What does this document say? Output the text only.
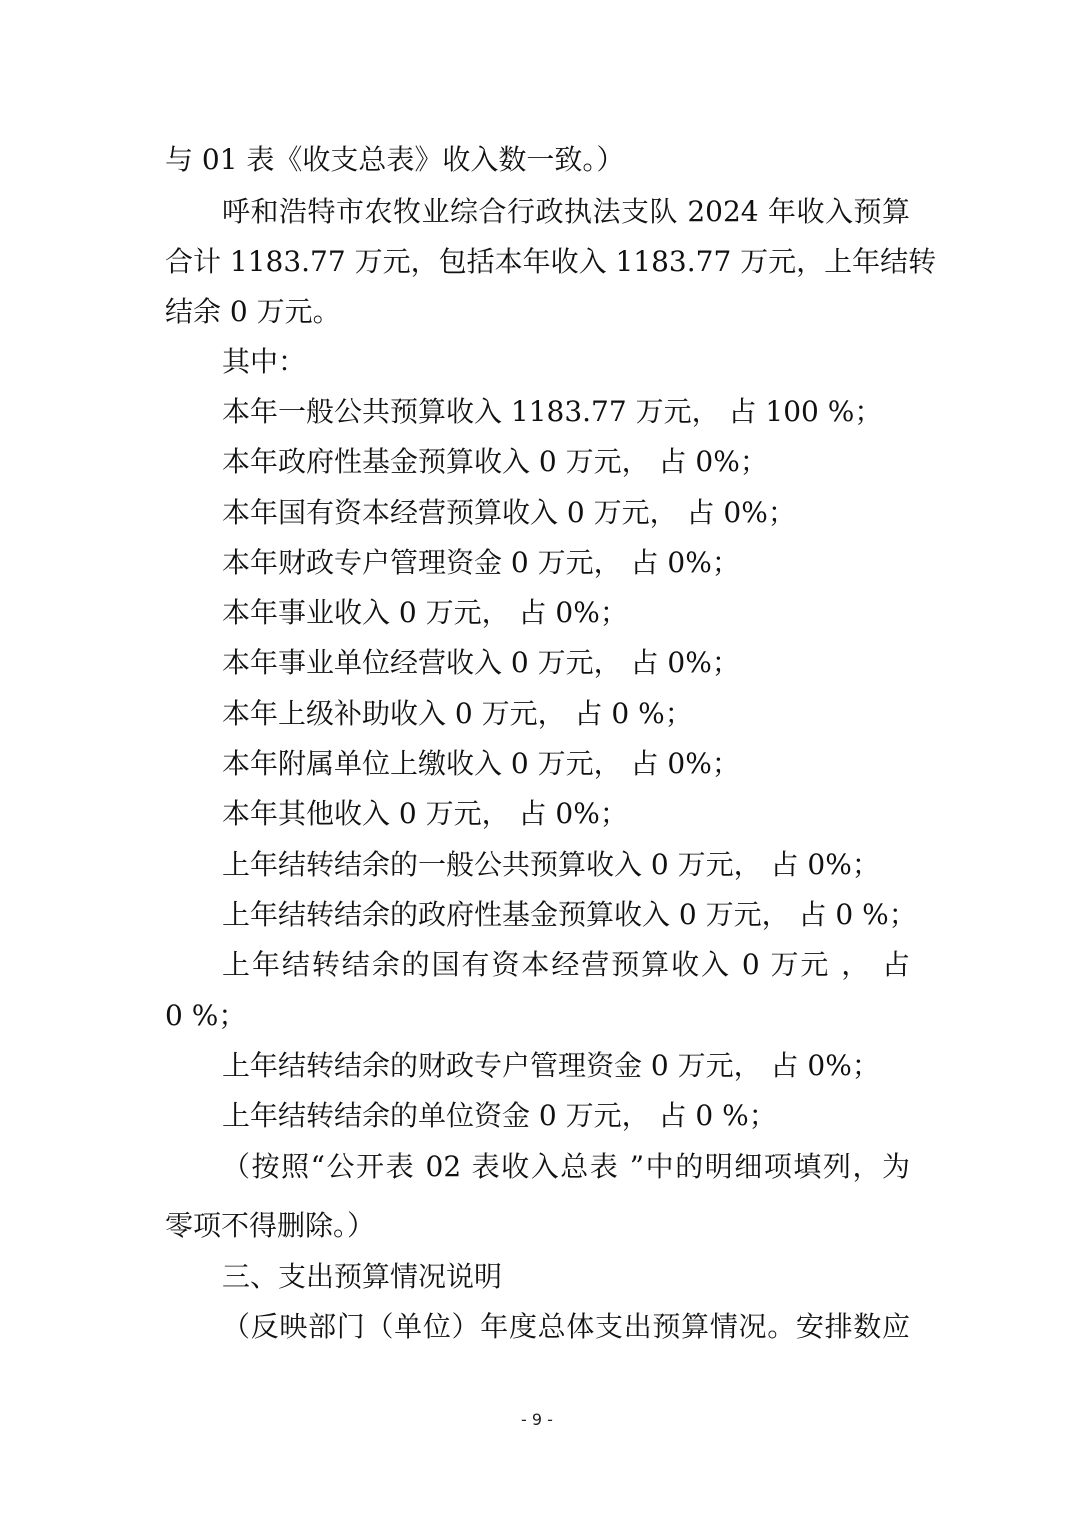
与 01 表《收支总表》收入数一致。）
呼和浩特市农牧业综合行政执法支队 2024 年收入预算
合计 1183.77 万元，包括本年收入 1183.77 万元，上年结转
结余 0 万元。
其中：
本年一般公共预算收入 1183.77 万元， 占 100 %；
本年政府性基金预算收入 0 万元， 占 0%；
本年国有资本经营预算收入 0 万元， 占 0%；
本年财政专户管理资金 0 万元， 占 0%；
本年事业收入 0 万元， 占 0%；
本年事业单位经营收入 0 万元， 占 0%；
本年上级补助收入 0 万元， 占 0 %；
本年附属单位上缴收入 0 万元， 占 0%；
本年其他收入 0 万元， 占 0%；
上年结转结余的一般公共预算收入 0 万元， 占 0%；
上年结转结余的政府性基金预算收入 0 万元， 占 0 %；
上年结转结余的国有资本经营预算收入 0 万元 ， 占
0 %；
上年结转结余的财政专户管理资金 0 万元， 占 0%；
上年结转结余的单位资金 0 万元， 占 0 %；
（按照“公开表 02 表收入总表 ”中的明细项填列，为
零项不得删除。）
三、支出预算情况说明
（反映部门（单位）年度总体支出预算情况。安排数应
- 9 -
